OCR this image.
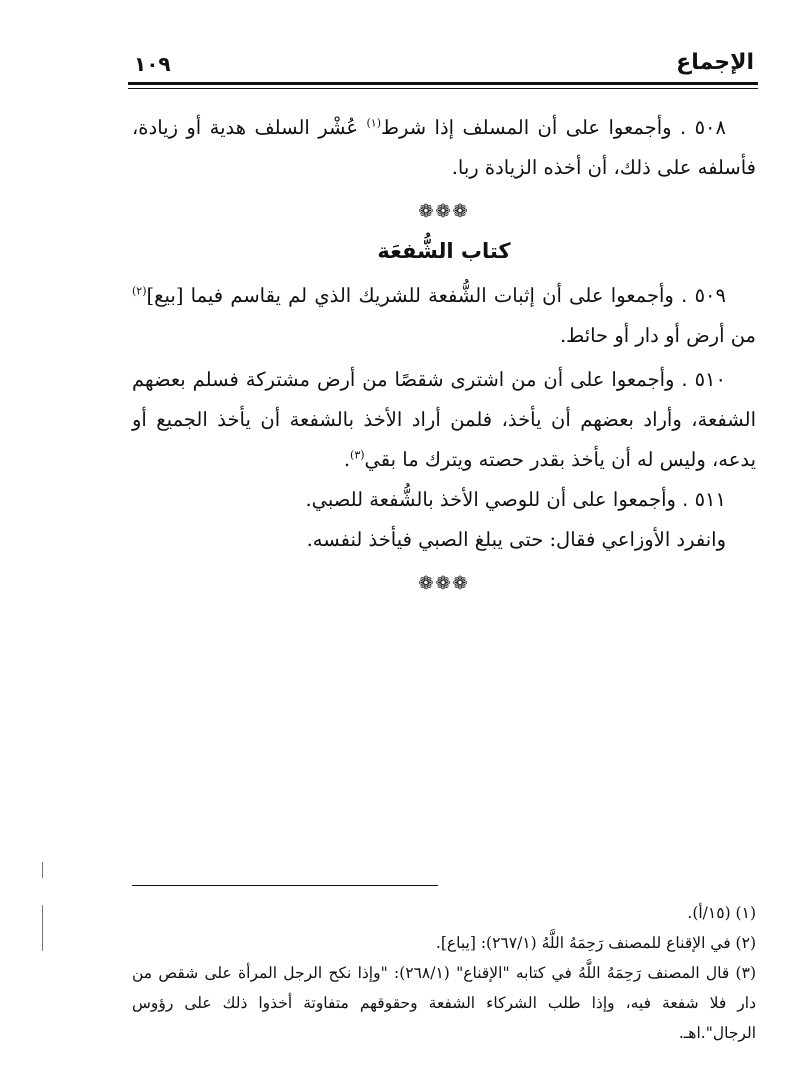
الإجماع
١٠٩

٥٠٨ . وأجمعوا على أن المسلف إذا شرط$^{(١)}$ عُشْر السلف هدية أو زيادة، فأسلفه على ذلك، أن أخذه الزيادة ربا.

❁❁❁
كتاب الشُّفعَة

٥٠٩ . وأجمعوا على أن إثبات الشُّفعة للشريك الذي لم يقاسم فيما [بيع]$^{(٢)}$ من أرض أو دار أو حائط.

٥١٠ . وأجمعوا على أن من اشترى شقصًا من أرض مشتركة فسلم بعضهم الشفعة، وأراد بعضهم أن يأخذ، فلمن أراد الأخذ بالشفعة أن يأخذ الجميع أو يدعه، وليس له أن يأخذ بقدر حصته ويترك ما بقي$^{(٣)}$.

٥١١ . وأجمعوا على أن للوصي الأخذ بالشُّفعة للصبي.

وانفرد الأوزاعي فقال: حتى يبلغ الصبي فيأخذ لنفسه.

❁❁❁

(١) (١٥/أ).

(٢) في الإقناع للمصنف رَحِمَهُ اللَّهُ (٢٦٧/١): [يباع].

(٣) قال المصنف رَحِمَهُ اللَّهُ في كتابه "الإقناع" (٢٦٨/١): "وإذا نكح الرجل المرأة على شقص من دار فلا شفعة فيه، وإذا طلب الشركاء الشفعة وحقوقهم متفاوتة أخذوا ذلك على رؤوس الرجال".اهـ.
